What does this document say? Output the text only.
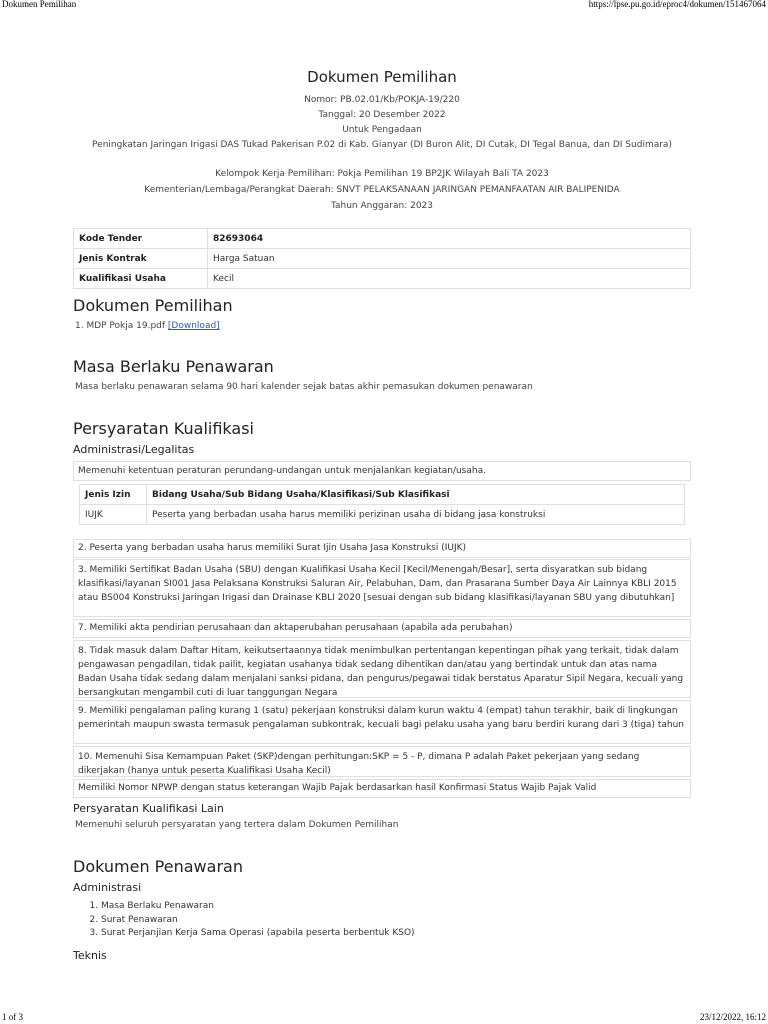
Dokumen Pemilihan	https://lpse.pu.go.id/eproc4/dokumen/151467064
Dokumen Pemilihan
Nomor: PB.02.01/Kb/POKJA-19/220
Tanggal: 20 Desember 2022
Untuk Pengadaan
Peningkatan Jaringan Irigasi DAS Tukad Pakerisan P.02 di Kab. Gianyar (DI Buron Alit, DI Cutak, DI Tegal Banua, dan DI Sudimara)
Kelompok Kerja Pemilihan: Pokja Pemilihan 19 BP2JK Wilayah Bali TA 2023
Kementerian/Lembaga/Perangkat Daerah: SNVT PELAKSANAAN JARINGAN PEMANFAATAN AIR BALIPENIDA
Tahun Anggaran: 2023
Kode Tender	82693064
Jenis Kontrak	Harga Satuan
Kualifikasi Usaha	Kecil
Dokumen Pemilihan
1. MDP Pokja 19.pdf [Download]
Masa Berlaku Penawaran
Masa berlaku penawaran selama 90 hari kalender sejak batas akhir pemasukan dokumen penawaran
Persyaratan Kualifikasi
Administrasi/Legalitas
Memenuhi ketentuan peraturan perundang-undangan untuk menjalankan kegiatan/usaha.
Jenis Izin	Bidang Usaha/Sub Bidang Usaha/Klasifikasi/Sub Klasifikasi
IUJK	Peserta yang berbadan usaha harus memiliki perizinan usaha di bidang jasa konstruksi
2. Peserta yang berbadan usaha harus memiliki Surat Ijin Usaha Jasa Konstruksi (IUJK)
3. Memiliki Sertifikat Badan Usaha (SBU) dengan Kualifikasi Usaha Kecil [Kecil/Menengah/Besar], serta disyaratkan sub bidang klasifikasi/layanan SI001 Jasa Pelaksana Konstruksi Saluran Air, Pelabuhan, Dam, dan Prasarana Sumber Daya Air Lainnya KBLI 2015 atau BS004 Konstruksi Jaringan Irigasi dan Drainase KBLI 2020 [sesuai dengan sub bidang klasifikasi/layanan SBU yang dibutuhkan]
7. Memiliki akta pendirian perusahaan dan aktaperubahan perusahaan (apabila ada perubahan)
8. Tidak masuk dalam Daftar Hitam, keikutsertaannya tidak menimbulkan pertentangan kepentingan pihak yang terkait, tidak dalam pengawasan pengadilan, tidak pailit, kegiatan usahanya tidak sedang dihentikan dan/atau yang bertindak untuk dan atas nama Badan Usaha tidak sedang dalam menjalani sanksi pidana, dan pengurus/pegawai tidak berstatus Aparatur Sipil Negara, kecuali yang bersangkutan mengambil cuti di luar tanggungan Negara
9. Memiliki pengalaman paling kurang 1 (satu) pekerjaan konstruksi dalam kurun waktu 4 (empat) tahun terakhir, baik di lingkungan pemerintah maupun swasta termasuk pengalaman subkontrak, kecuali bagi pelaku usaha yang baru berdiri kurang dari 3 (tiga) tahun
10. Memenuhi Sisa Kemampuan Paket (SKP)dengan perhitungan:SKP = 5 - P, dimana P adalah Paket pekerjaan yang sedang dikerjakan (hanya untuk peserta Kualifikasi Usaha Kecil)
Memiliki Nomor NPWP dengan status keterangan Wajib Pajak berdasarkan hasil Konfirmasi Status Wajib Pajak Valid
Persyaratan Kualifikasi Lain
Memenuhi seluruh persyaratan yang tertera dalam Dokumen Pemilihan
Dokumen Penawaran
Administrasi
1. Masa Berlaku Penawaran
2. Surat Penawaran
3. Surat Perjanjian Kerja Sama Operasi (apabila peserta berbentuk KSO)
Teknis
1 of 3	23/12/2022, 16:12
